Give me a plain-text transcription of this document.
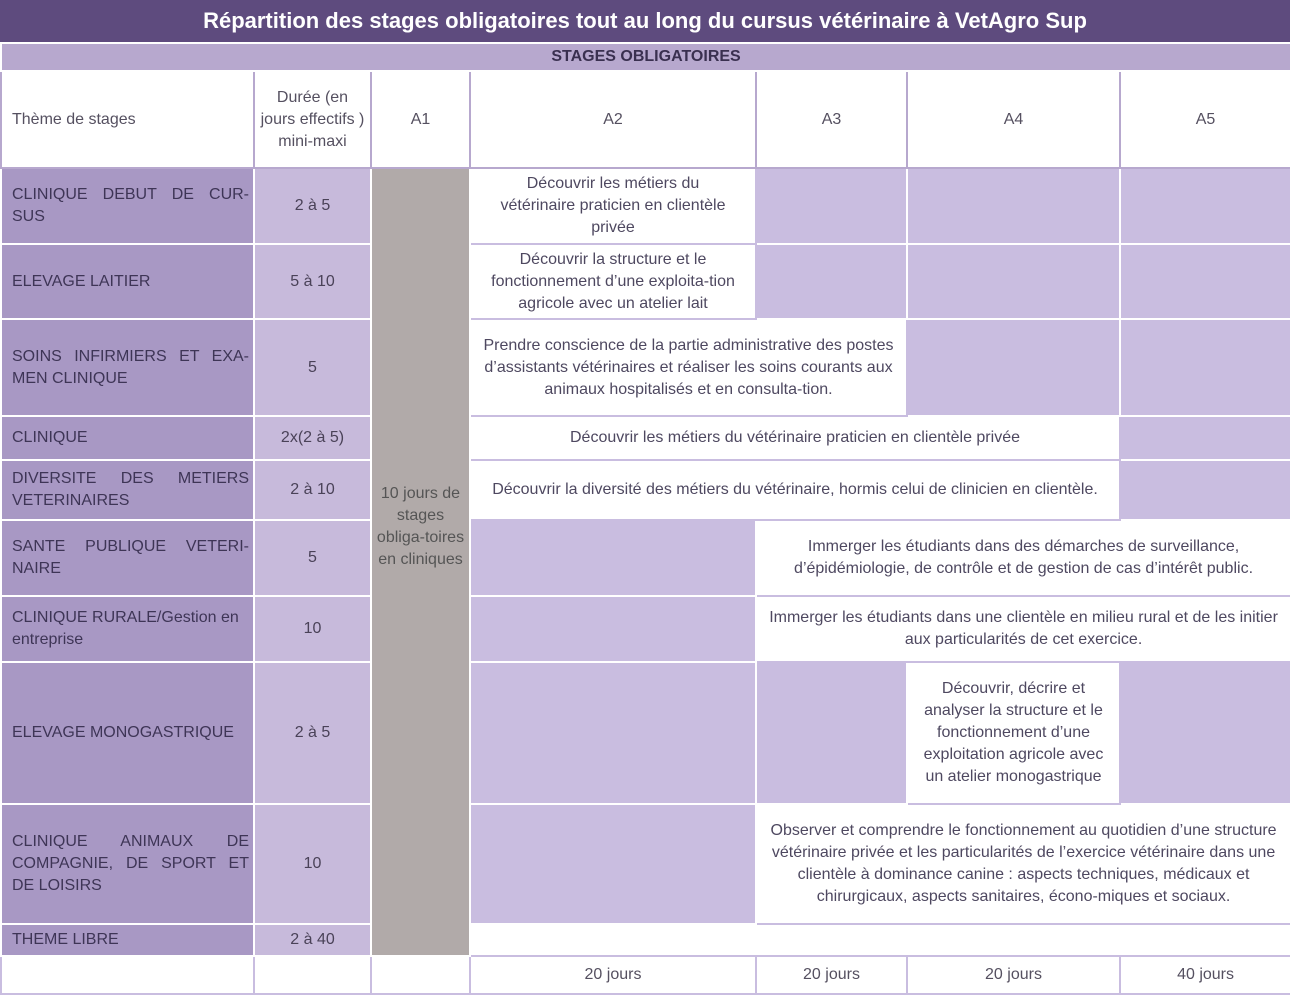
Répartition des stages obligatoires tout au long du cursus vétérinaire à VetAgro Sup
STAGES OBLIGATOIRES						
Thème de stages	Durée (en jours effectifs ) mini-maxi	A1	A2	A3	A4	A5
CLINIQUE DEBUT DE CUR-SUS	2 à 5	10 jours de stages obliga-toires en cliniques	Découvrir les métiers du vétérinaire praticien en clientèle privée			
ELEVAGE LAITIER	5 à 10		Découvrir la structure et le fonctionnement d’une exploita-tion agricole avec un atelier lait			
SOINS INFIRMIERS ET EXA-MEN CLINIQUE	5		Prendre conscience de la partie administrative des postes d’assistants vétérinaires et réaliser les soins courants aux animaux hospitalisés et en consulta-tion.			
CLINIQUE	2x(2 à 5)		Découvrir les métiers du vétérinaire praticien en clientèle privée			
DIVERSITE DES METIERS VETERINAIRES	2 à 10		Découvrir la diversité des métiers du vétérinaire, hormis celui de clinicien en clientèle.			
SANTE PUBLIQUE VETERI-NAIRE	5			Immerger les étudiants dans des démarches de surveillance, d’épidémiologie, de contrôle et de gestion de cas d’intérêt public.		
CLINIQUE RURALE/Gestion en entreprise	10			Immerger les étudiants dans une clientèle en milieu rural et de les initier aux particularités de cet exercice.		
ELEVAGE MONOGASTRIQUE	2 à 5				Découvrir, décrire et analyser la structure et le fonctionnement d’une exploitation agricole avec un atelier monogastrique	
CLINIQUE ANIMAUX DE COMPAGNIE, DE SPORT ET DE LOISIRS	10			Observer et comprendre le fonctionnement au quotidien d’une structure vétérinaire privée et les particularités de l’exercice vétérinaire dans une clientèle à dominance canine : aspects techniques, médicaux et chirurgicaux, aspects sanitaires, écono-miques et sociaux.		
THEME LIBRE	2 à 40					
			20 jours	20 jours	20 jours	40 jours
